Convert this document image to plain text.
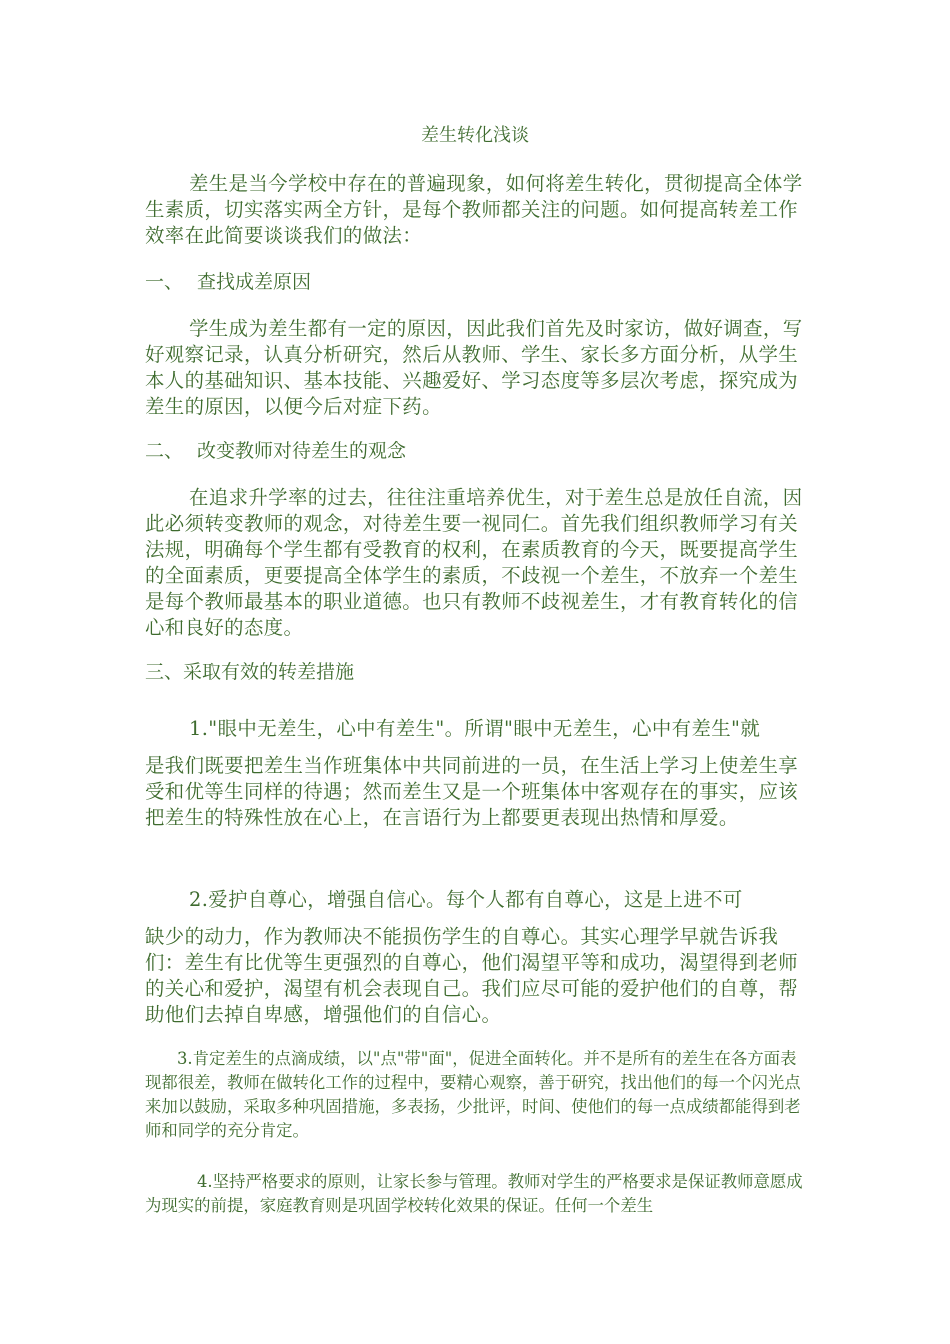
差生转化浅谈

差生是当今学校中存在的普遍现象，如何将差生转化，贯彻提高全体学生素质，切实落实两全方针，是每个教师都关注的问题。如何提高转差工作效率在此简要谈谈我们的做法：

一、 查找成差原因

学生成为差生都有一定的原因，因此我们首先及时家访，做好调查，写好观察记录，认真分析研究，然后从教师、学生、家长多方面分析，从学生本人的基础知识、基本技能、兴趣爱好、学习态度等多层次考虑，探究成为差生的原因，以便今后对症下药。

二、 改变教师对待差生的观念

在追求升学率的过去，往往注重培养优生，对于差生总是放任自流，因此必须转变教师的观念，对待差生要一视同仁。首先我们组织教师学习有关法规，明确每个学生都有受教育的权利，在素质教育的今天，既要提高学生的全面素质，更要提高全体学生的素质，不歧视一个差生，不放弃一个差生是每个教师最基本的职业道德。也只有教师不歧视差生，才有教育转化的信心和良好的态度。

三、采取有效的转差措施

1."眼中无差生，心中有差生"。所谓"眼中无差生，心中有差生"就
是我们既要把差生当作班集体中共同前进的一员，在生活上学习上使差生享受和优等生同样的待遇；然而差生又是一个班集体中客观存在的事实，应该把差生的特殊性放在心上，在言语行为上都要更表现出热情和厚爱。

2.爱护自尊心，增强自信心。每个人都有自尊心，这是上进不可
缺少的动力，作为教师决不能损伤学生的自尊心。其实心理学早就告诉我们：差生有比优等生更强烈的自尊心，他们渴望平等和成功，渴望得到老师的关心和爱护，渴望有机会表现自己。我们应尽可能的爱护他们的自尊，帮助他们去掉自卑感，增强他们的自信心。

3.肯定差生的点滴成绩，以"点"带"面"，促进全面转化。并不是所有的差生在各方面表现都很差，教师在做转化工作的过程中，要精心观察，善于研究，找出他们的每一个闪光点来加以鼓励，采取多种巩固措施，多表扬，少批评，时间、使他们的每一点成绩都能得到老师和同学的充分肯定。

4.坚持严格要求的原则，让家长参与管理。教师对学生的严格要求是保证教师意愿成为现实的前提，家庭教育则是巩固学校转化效果的保证。任何一个差生
